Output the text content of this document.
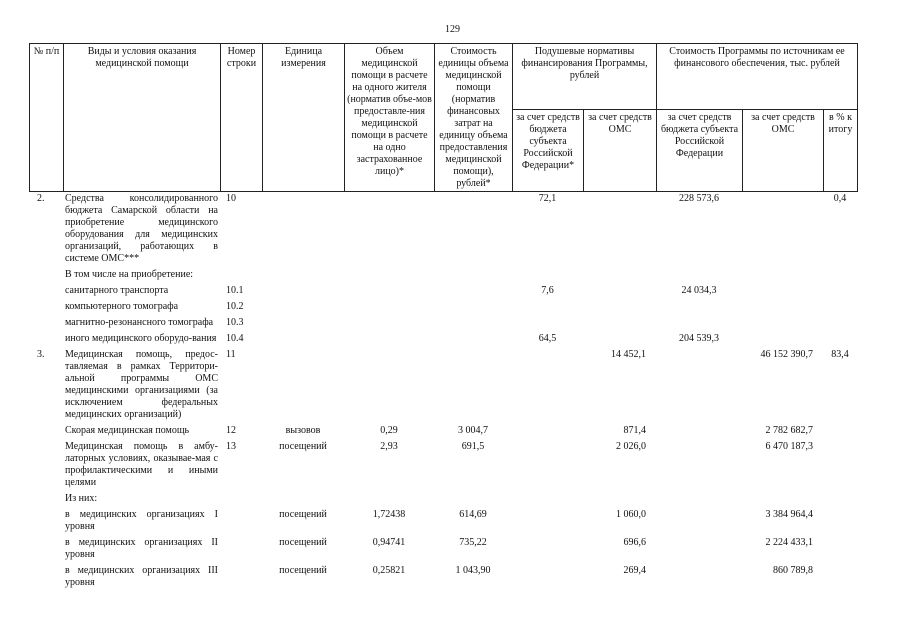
129
№ п/п	Виды и условия оказания медицинской помощи	Номер строки	Единица измерения	Объем медицинской помощи в расчете на одного жителя (норматив объе-мов предоставле-ния медицинской помощи в расчете на одно застрахованное лицо)*	Стоимость единицы объема медицинской помощи (норматив финансовых затрат на единицу объема предоставления медицинской помощи), рублей*	Подушевые нормативы финансирования Программы, рублей		Стоимость Программы по источникам ее финансового обеспечения, тыс. рублей		
						за счет средств бюджета субъекта Российской Федерации*	за счет средств ОМС	за счет средств бюджета субъекта Российской Федерации	за счет средств ОМС	в % к итогу
2.	Средства консолидированного бюджета Самарской области на приобретение медицинского оборудования для медицинских организаций, работающих в системе ОМС***	10				72,1		228 573,6		0,4
	В том числе на приобретение:									
	санитарного транспорта	10.1				7,6		24 034,3		
	компьютерного томографа	10.2								
	магнитно-резонансного томографа	10.3								
	иного медицинского оборудо-вания	10.4				64,5		204 539,3		
3.	Медицинская помощь, предос-тавляемая в рамках Территори-альной программы ОМС медицинскими организациями (за исключением федеральных медицинских организаций)	11					14 452,1		46 152 390,7	83,4
	Скорая медицинская помощь	12	вызовов	0,29	3 004,7		871,4		2 782 682,7	
	Медицинская помощь в амбу-латорных условиях, оказывае-мая с профилактическими и иными целями	13	посещений	2,93	691,5		2 026,0		6 470 187,3	
	Из них:									
	в медицинских организациях I уровня		посещений	1,72438	614,69		1 060,0		3 384 964,4	
	в медицинских организациях II уровня		посещений	0,94741	735,22		696,6		2 224 433,1	
	в медицинских организациях III уровня		посещений	0,25821	1 043,90		269,4		860 789,8	
